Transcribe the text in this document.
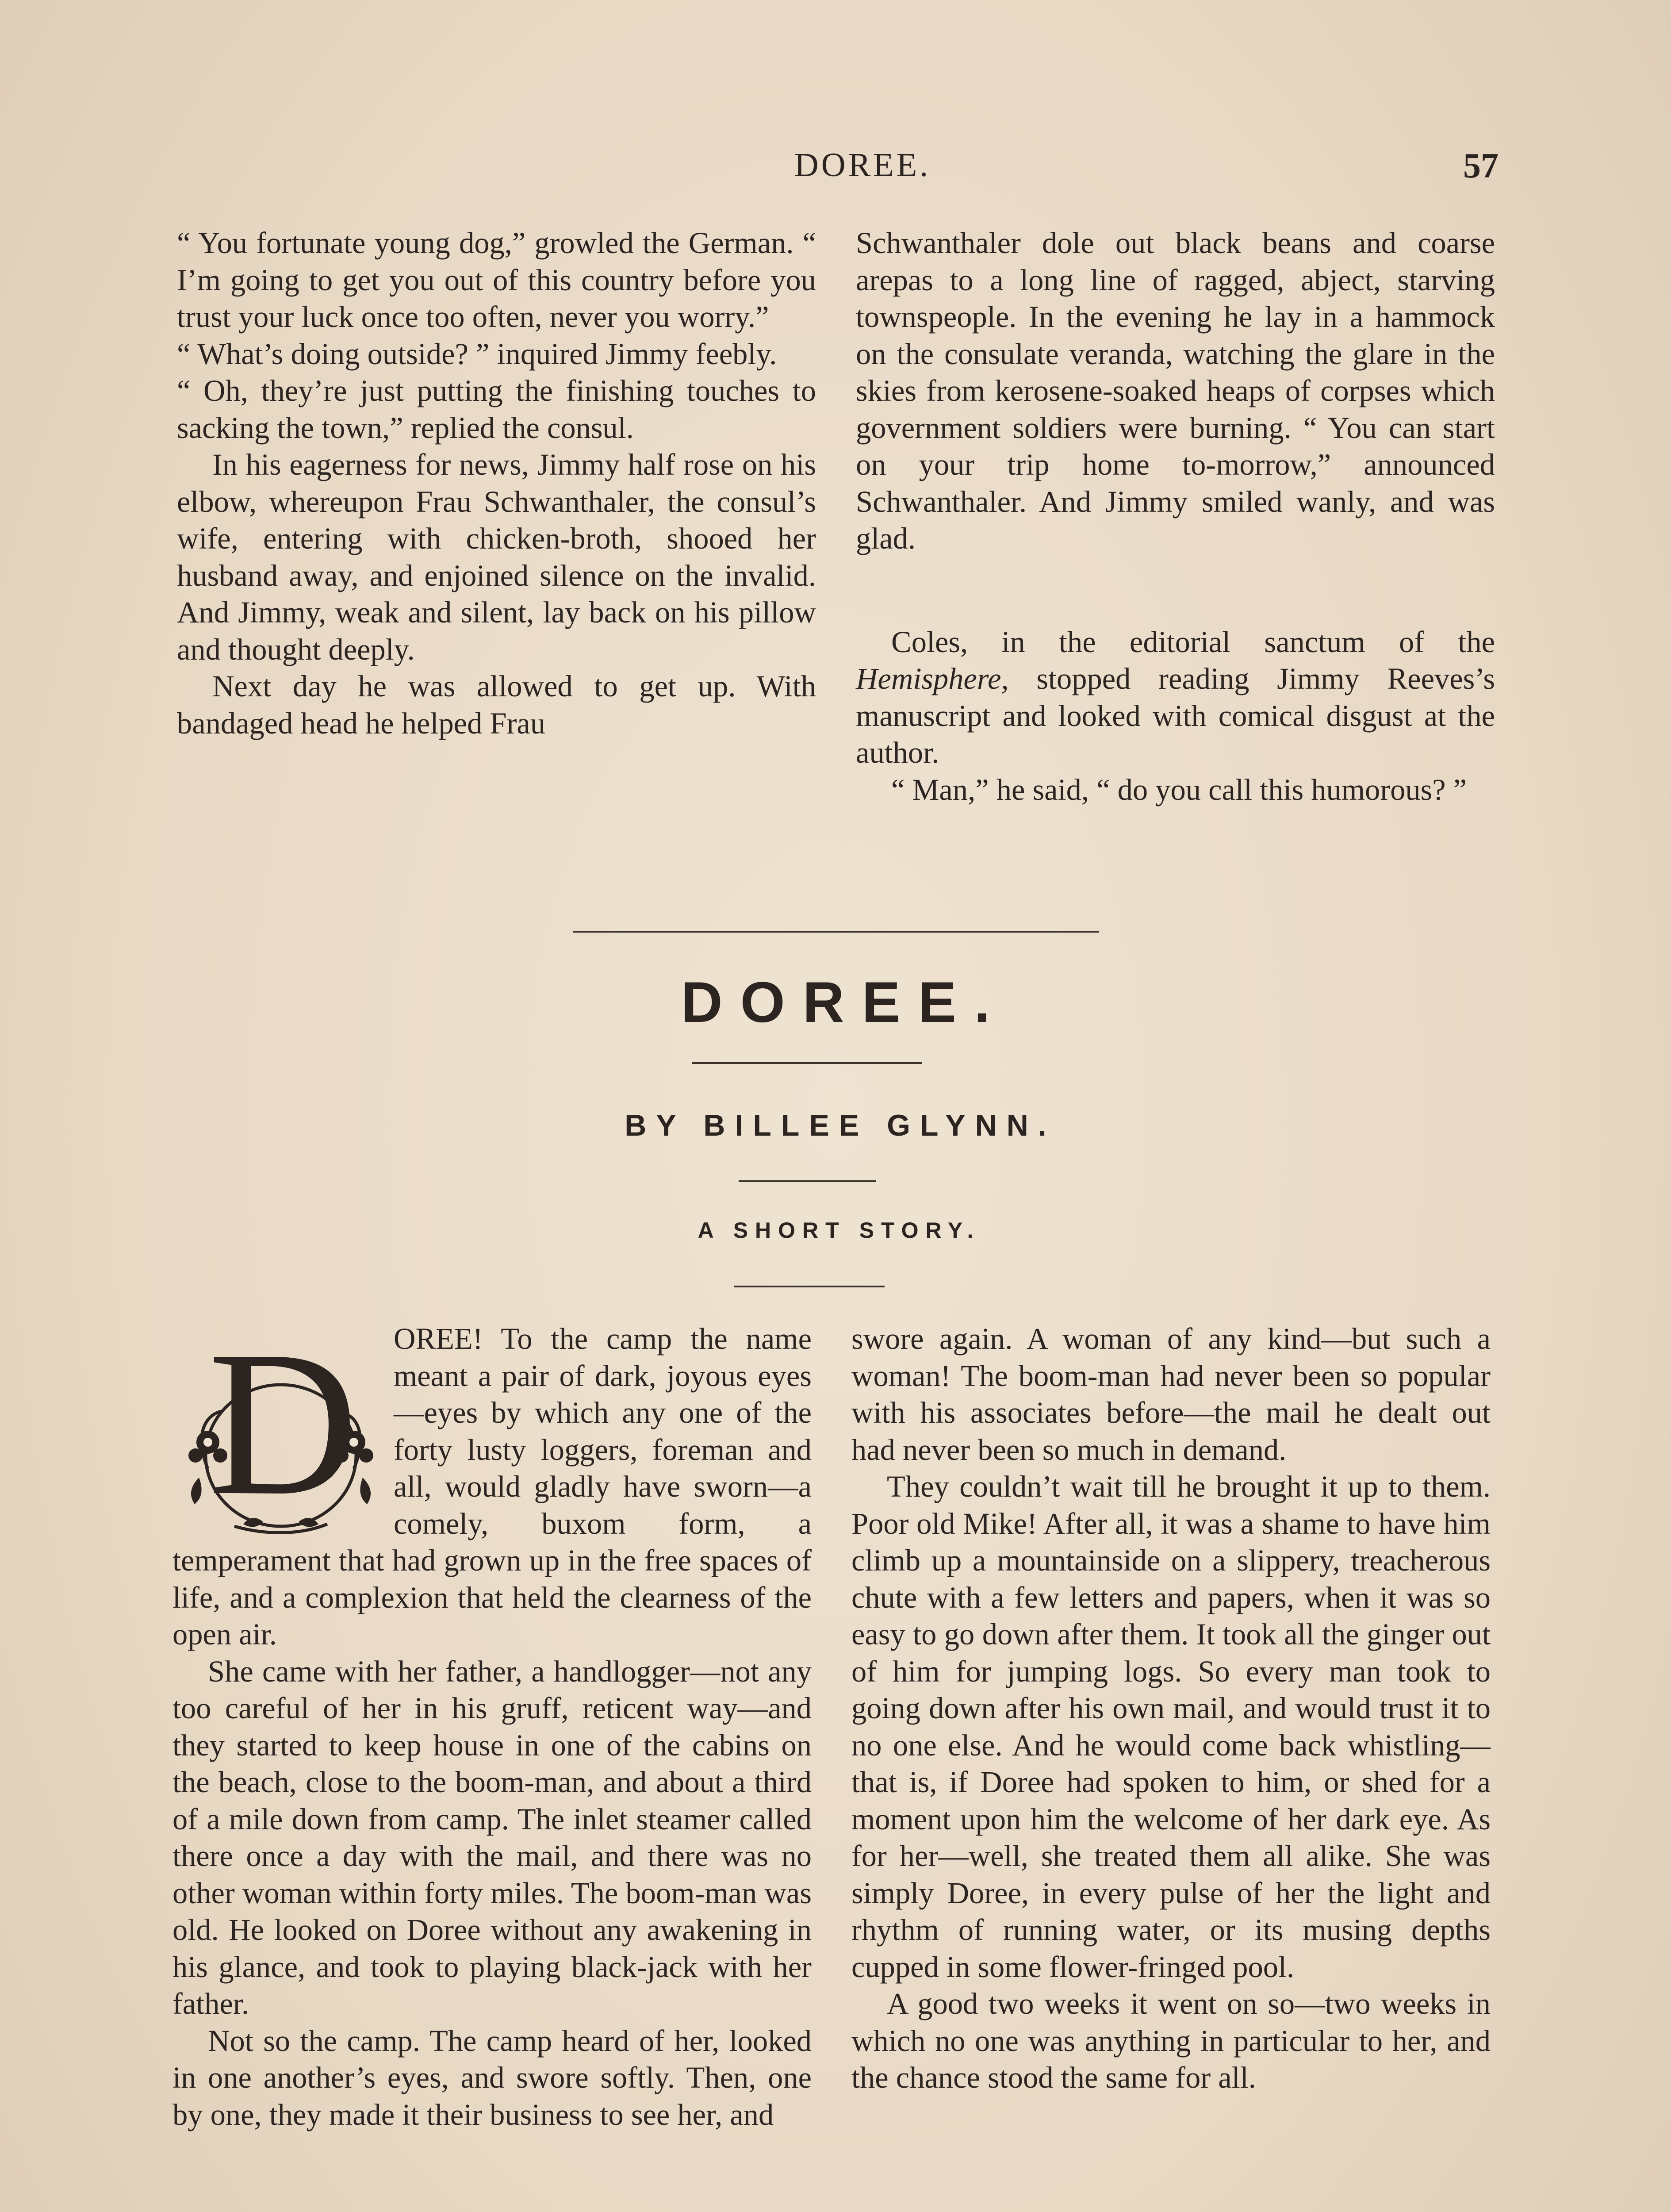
DOREE.	57

“ You fortunate young dog,” growled the German. “ I’m going to get you out of this country before you trust your luck once too often, never you worry.”

“ What’s doing outside? ” inquired Jimmy feebly.

“ Oh, they’re just putting the finishing touches to sacking the town,” replied the consul.

In his eagerness for news, Jimmy half rose on his elbow, whereupon Frau Schwanthaler, the consul’s wife, entering with chicken-broth, shooed her husband away, and enjoined silence on the invalid. And Jimmy, weak and silent, lay back on his pillow and thought deeply.

Next day he was allowed to get up. With bandaged head he helped Frau

Schwanthaler dole out black beans and coarse arepas to a long line of ragged, abject, starving townspeople. In the evening he lay in a hammock on the consulate veranda, watching the glare in the skies from kerosene-soaked heaps of corpses which government soldiers were burning. “ You can start on your trip home to-morrow,” announced Schwanthaler. And Jimmy smiled wanly, and was glad.

Coles, in the editorial sanctum of the Hemisphere, stopped reading Jimmy Reeves’s manuscript and looked with comical disgust at the author.

“ Man,” he said, “ do you call this humorous? ”

DOREE.
BY BILLEE GLYNN.
A SHORT STORY.
D	OREE! To the camp the name meant a pair of dark, joyous eyes—eyes by which any one of the forty lusty loggers, foreman and all, would gladly have sworn—a comely, buxom form, a temperament that had grown up in the free spaces of life, and a complexion that held the clearness of the open air.

She came with her father, a handlogger—not any too careful of her in his gruff, reticent way—and they started to keep house in one of the cabins on the beach, close to the boom-man, and about a third of a mile down from camp. The inlet steamer called there once a day with the mail, and there was no other woman within forty miles. The boom-man was old. He looked on Doree without any awakening in his glance, and took to playing black-jack with her father.

Not so the camp. The camp heard of her, looked in one another’s eyes, and swore softly. Then, one by one, they made it their business to see her, and

swore again. A woman of any kind—but such a woman! The boom-man had never been so popular with his associates before—the mail he dealt out had never been so much in demand.

They couldn’t wait till he brought it up to them. Poor old Mike! After all, it was a shame to have him climb up a mountainside on a slippery, treacherous chute with a few letters and papers, when it was so easy to go down after them. It took all the ginger out of him for jumping logs. So every man took to going down after his own mail, and would trust it to no one else. And he would come back whistling—that is, if Doree had spoken to him, or shed for a moment upon him the welcome of her dark eye. As for her—well, she treated them all alike. She was simply Doree, in every pulse of her the light and rhythm of running water, or its musing depths cupped in some flower-fringed pool.

A good two weeks it went on so—two weeks in which no one was anything in particular to her, and the chance stood the same for all.
